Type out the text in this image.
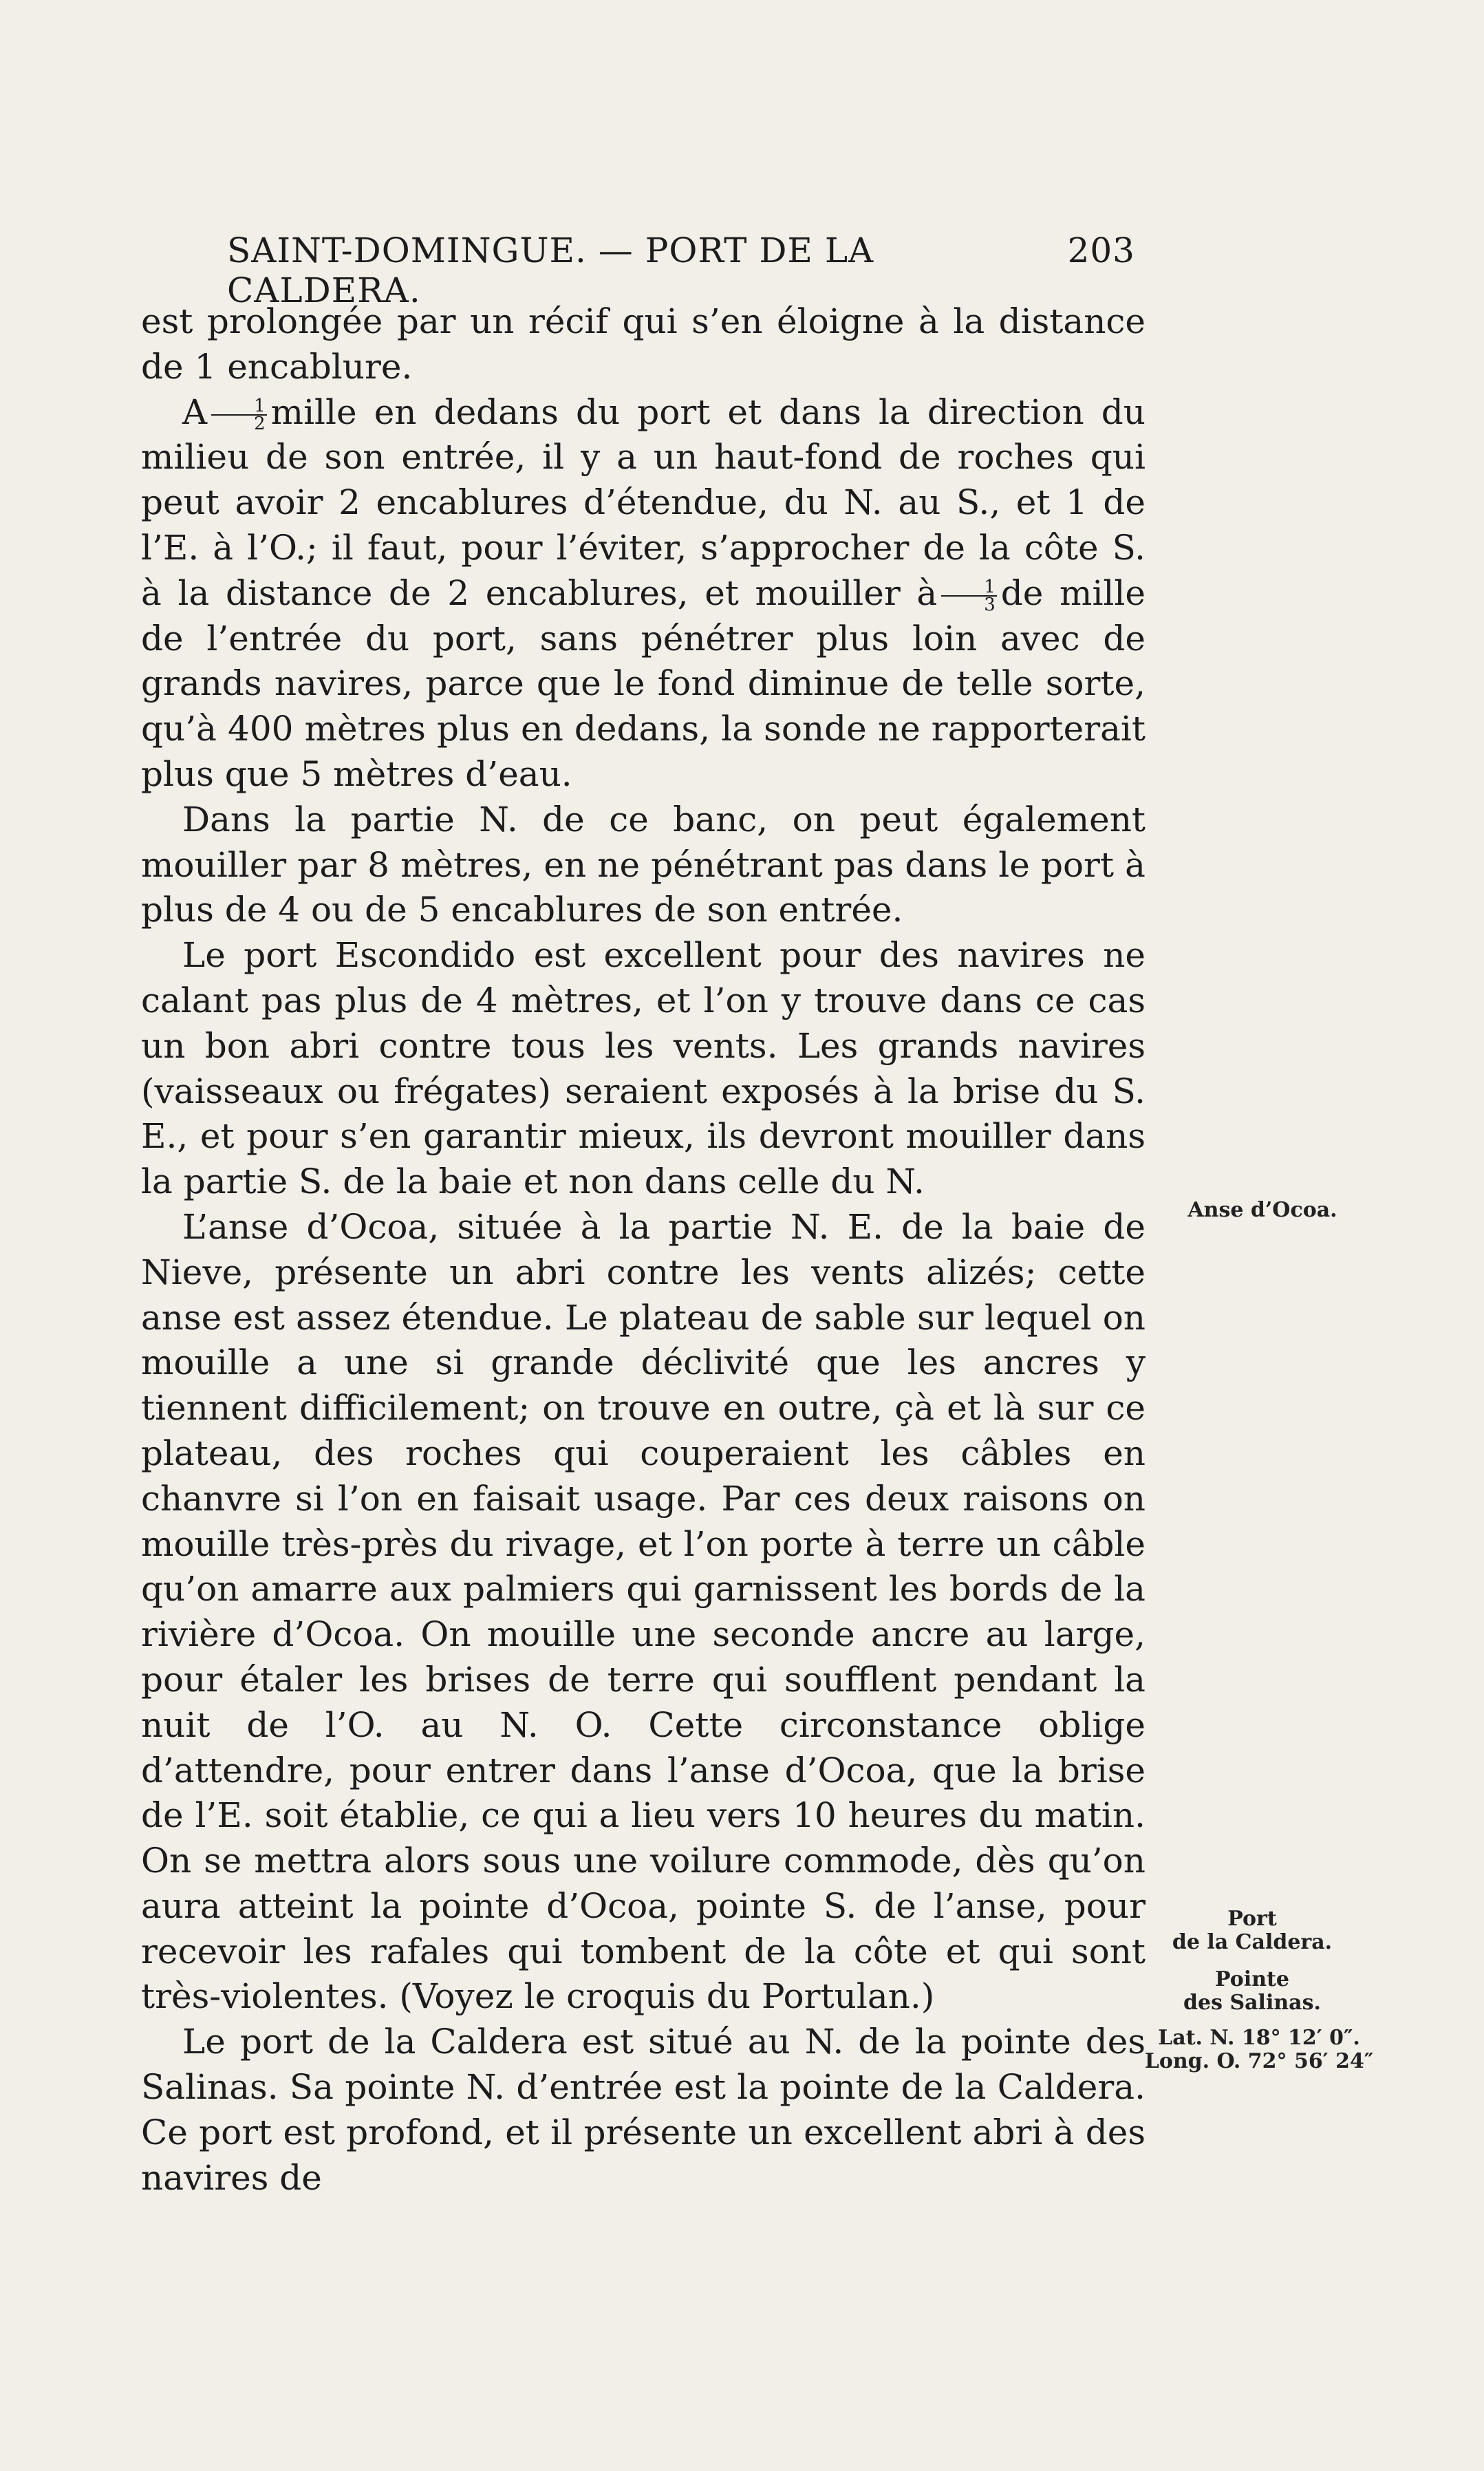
SAINT-DOMINGUE. — PORT DE LA CALDERA.
203

est prolongée par un récif qui s’en éloigne à la distance de 1 encablure.

A $\frac{1}{2}$ mille en dedans du port et dans la direction du milieu de son entrée, il y a un haut-fond de roches qui peut avoir 2 encablures d’étendue, du N. au S., et 1 de l’E. à l’O.; il faut, pour l’éviter, s’approcher de la côte S. à la distance de 2 encablures, et mouiller à $\frac{1}{3}$ de mille de l’entrée du port, sans pénétrer plus loin avec de grands navires, parce que le fond diminue de telle sorte, qu’à 400 mètres plus en dedans, la sonde ne rapporterait plus que 5 mètres d’eau.

Dans la partie N. de ce banc, on peut également mouiller par 8 mètres, en ne pénétrant pas dans le port à plus de 4 ou de 5 encablures de son entrée.

Le port Escondido est excellent pour des navires ne calant pas plus de 4 mètres, et l’on y trouve dans ce cas un bon abri contre tous les vents. Les grands navires (vaisseaux ou frégates) seraient exposés à la brise du S. E., et pour s’en garantir mieux, ils devront mouiller dans la partie S. de la baie et non dans celle du N.

L’anse d’Ocoa, située à la partie N. E. de la baie de Nieve, présente un abri contre les vents alizés; cette anse est assez étendue. Le plateau de sable sur lequel on mouille a une si grande déclivité que les ancres y tiennent difficilement; on trouve en outre, çà et là sur ce plateau, des roches qui couperaient les câbles en chanvre si l’on en faisait usage. Par ces deux raisons on mouille très-près du rivage, et l’on porte à terre un câble qu’on amarre aux palmiers qui garnissent les bords de la rivière d’Ocoa. On mouille une seconde ancre au large, pour étaler les brises de terre qui soufflent pendant la nuit de l’O. au N. O. Cette circonstance oblige d’attendre, pour entrer dans l’anse d’Ocoa, que la brise de l’E. soit établie, ce qui a lieu vers 10 heures du matin. On se mettra alors sous une voilure commode, dès qu’on aura atteint la pointe d’Ocoa, pointe S. de l’anse, pour recevoir les rafales qui tombent de la côte et qui sont très-violentes. (Voyez le croquis du Portulan.)

Le port de la Caldera est situé au N. de la pointe des Salinas. Sa pointe N. d’entrée est la pointe de la Caldera. Ce port est profond, et il présente un excellent abri à des navires de

Anse d’Ocoa.
Port
de la Caldera.
Pointe
des Salinas.
Lat. N. 18° 12′ 0″.
Long. O. 72° 56′ 24″
